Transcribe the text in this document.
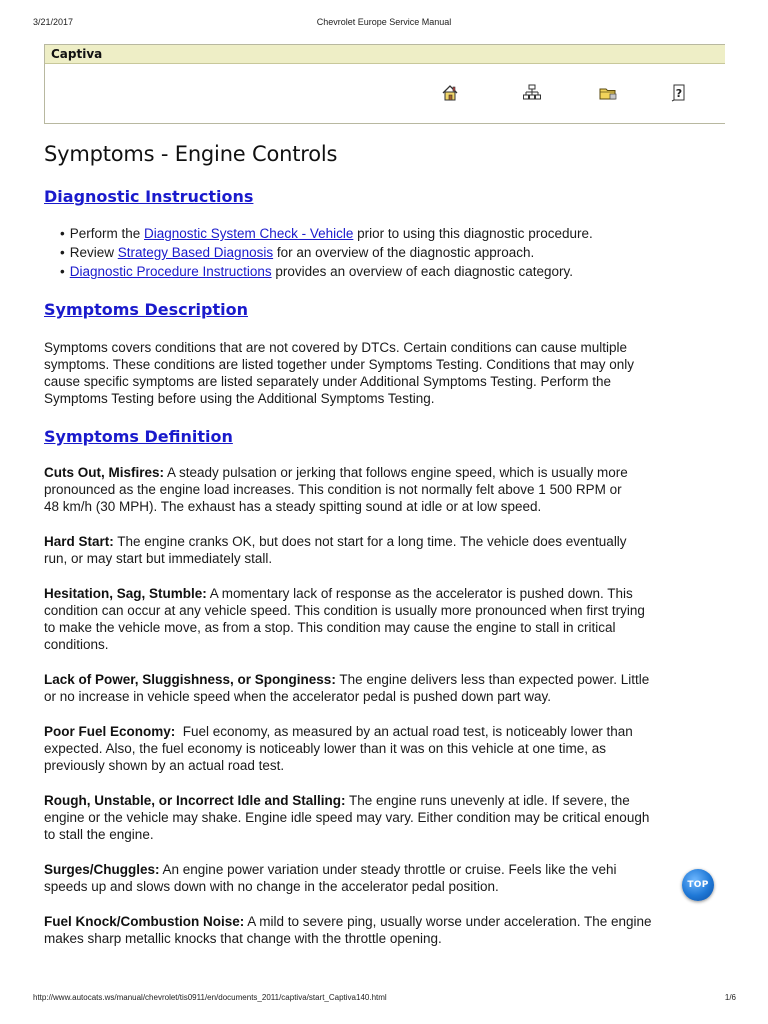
3/21/2017	Chevrolet Europe Service Manual
Captiva
?
Symptoms - Engine Controls
Diagnostic Instructions
• Perform the Diagnostic System Check - Vehicle prior to using this diagnostic procedure.
• Review Strategy Based Diagnosis for an overview of the diagnostic approach.
• Diagnostic Procedure Instructions provides an overview of each diagnostic category.
Symptoms Description

Symptoms covers conditions that are not covered by DTCs. Certain conditions can cause multiple
symptoms. These conditions are listed together under Symptoms Testing. Conditions that may only
cause specific symptoms are listed separately under Additional Symptoms Testing. Perform the
Symptoms Testing before using the Additional Symptoms Testing.

Symptoms Definition

Cuts Out, Misfires: A steady pulsation or jerking that follows engine speed, which is usually more
pronounced as the engine load increases. This condition is not normally felt above 1 500 RPM or
48 km/h (30 MPH). The exhaust has a steady spitting sound at idle or at low speed.

Hard Start: The engine cranks OK, but does not start for a long time. The vehicle does eventually
run, or may start but immediately stall.

Hesitation, Sag, Stumble: A momentary lack of response as the accelerator is pushed down. This
condition can occur at any vehicle speed. This condition is usually more pronounced when first trying
to make the vehicle move, as from a stop. This condition may cause the engine to stall in critical
conditions.

Lack of Power, Sluggishness, or Sponginess: The engine delivers less than expected power. Little
or no increase in vehicle speed when the accelerator pedal is pushed down part way.

Poor Fuel Economy:  Fuel economy, as measured by an actual road test, is noticeably lower than
expected. Also, the fuel economy is noticeably lower than it was on this vehicle at one time, as
previously shown by an actual road test.

Rough, Unstable, or Incorrect Idle and Stalling: The engine runs unevenly at idle. If severe, the
engine or the vehicle may shake. Engine idle speed may vary. Either condition may be critical enough
to stall the engine.

Surges/Chuggles: An engine power variation under steady throttle or cruise. Feels like the vehi
speeds up and slows down with no change in the accelerator pedal position.

Fuel Knock/Combustion Noise: A mild to severe ping, usually worse under acceleration. The engine
makes sharp metallic knocks that change with the throttle opening.

TOP
http://www.autocats.ws/manual/chevrolet/tis0911/en/documents_2011/captiva/start_Captiva140.html	1/6
